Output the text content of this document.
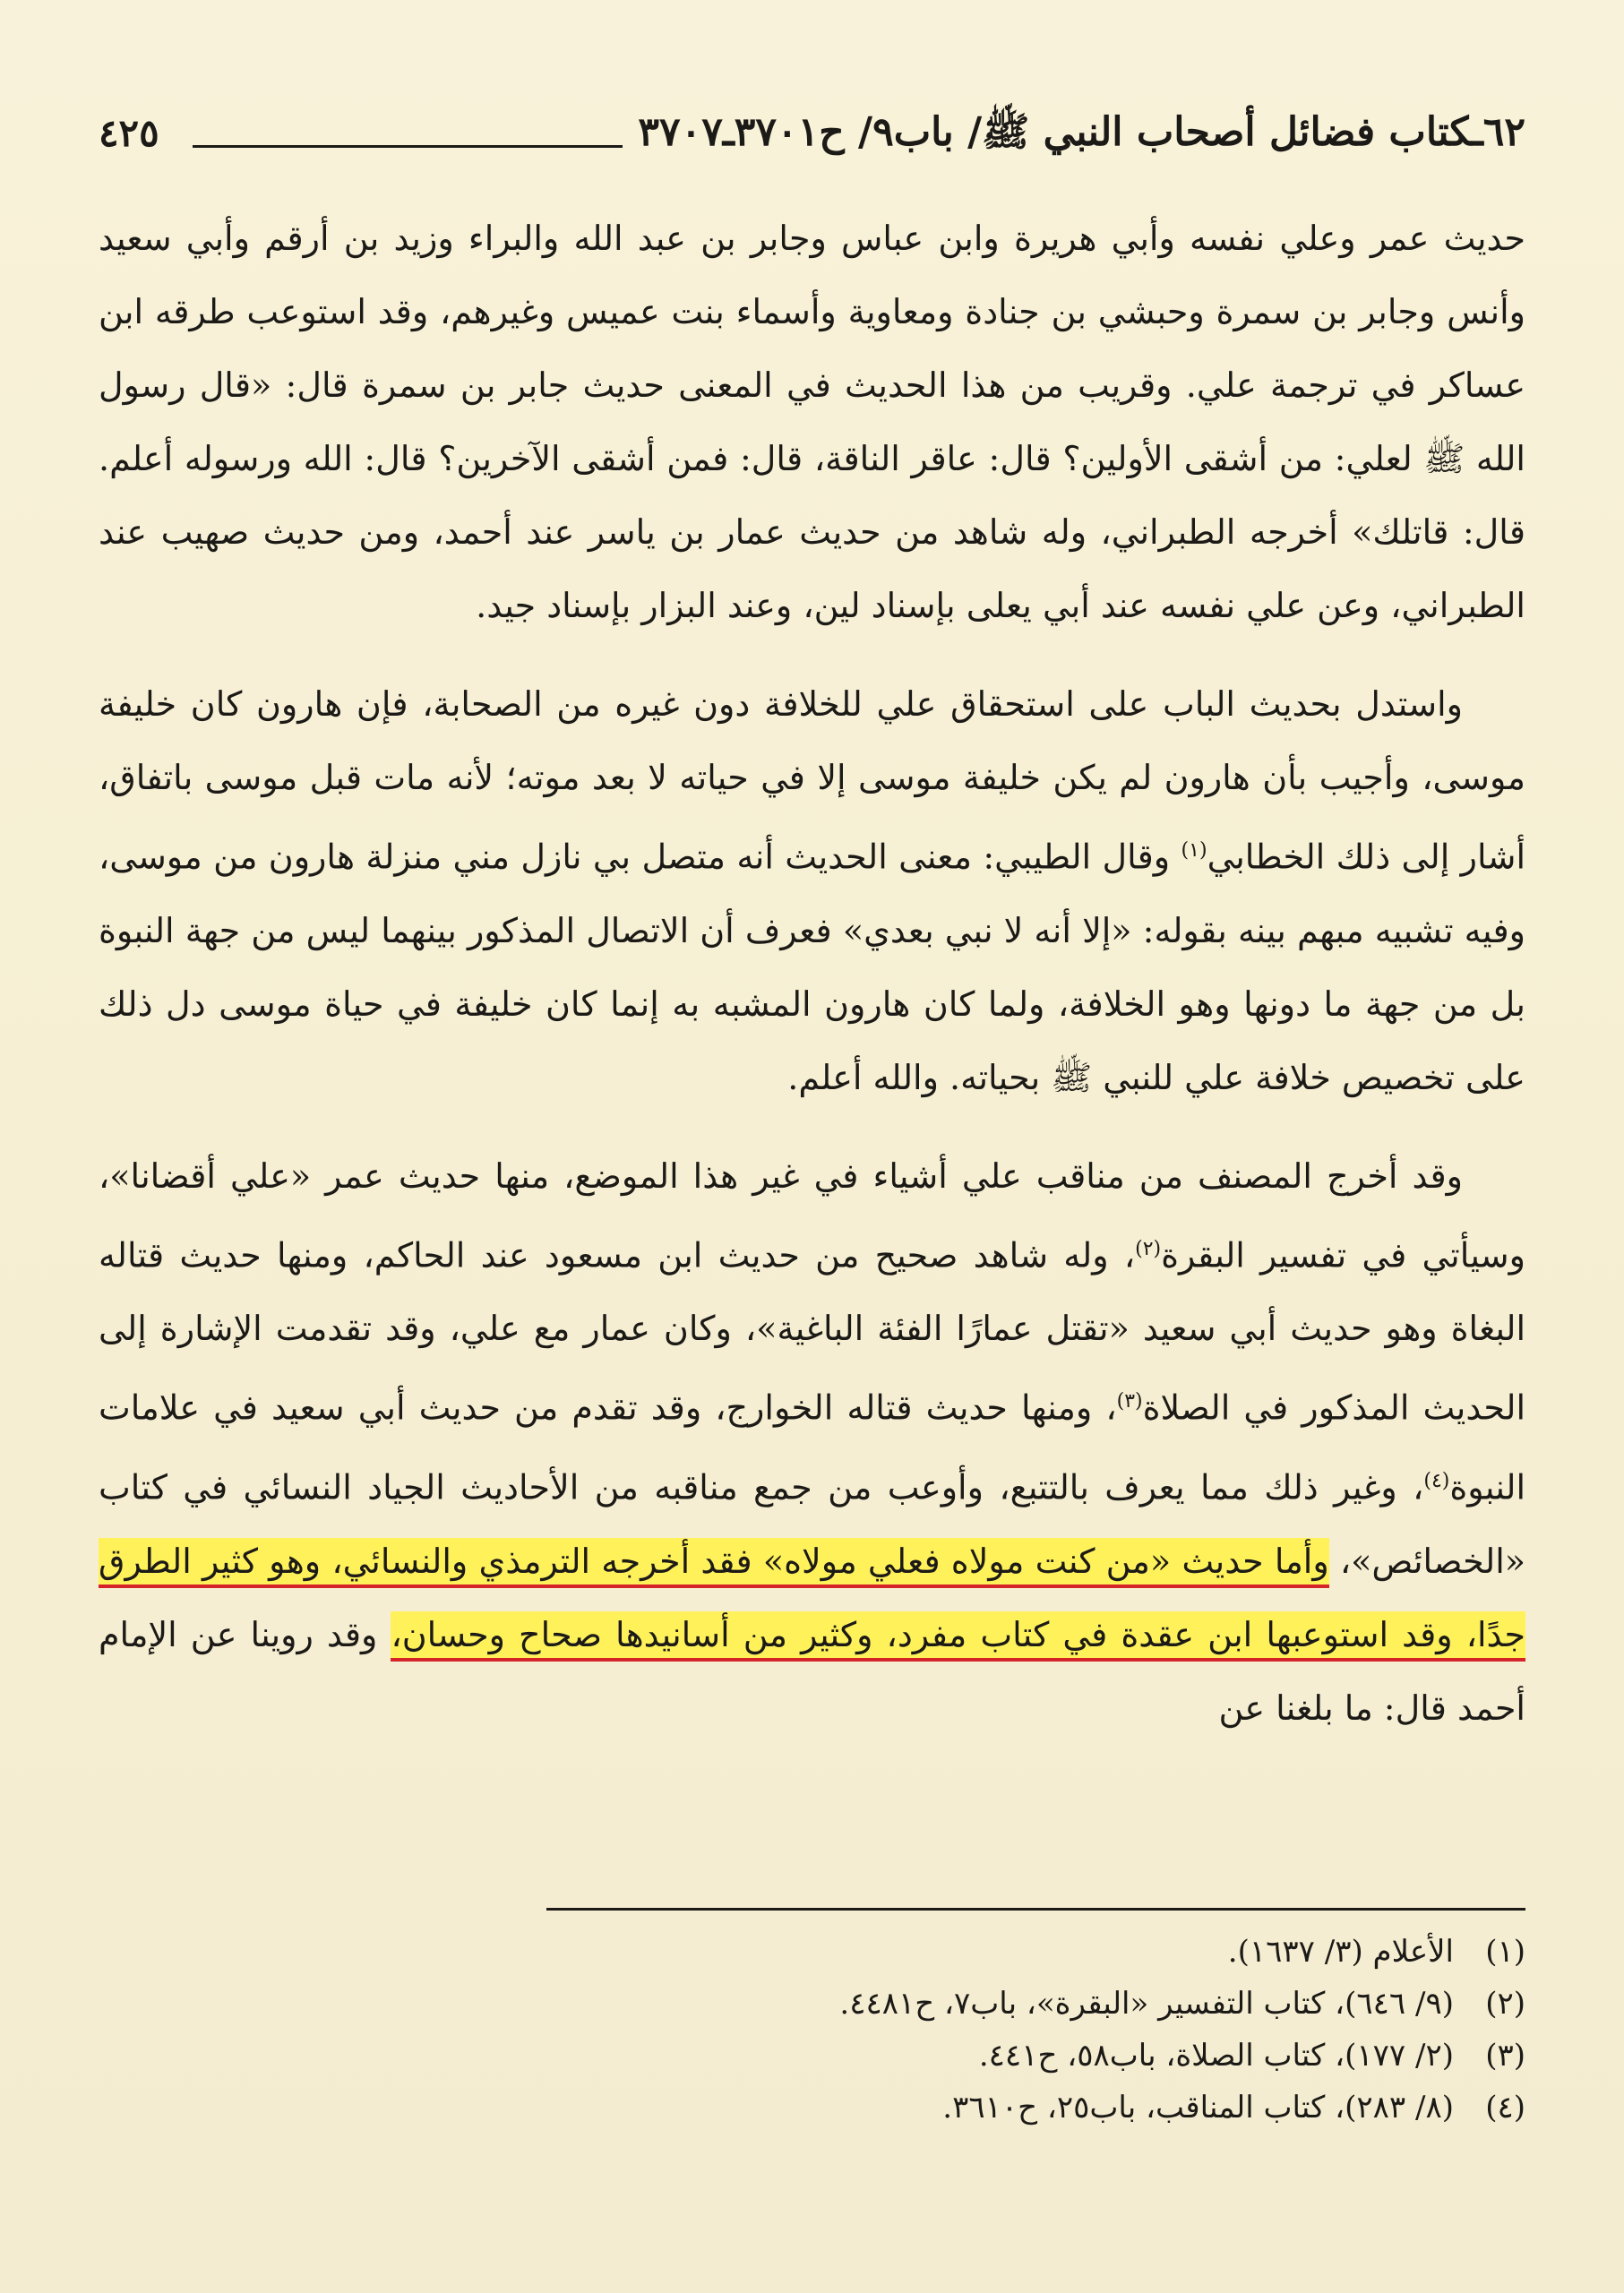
٦٢ـكتاب فضائل أصحاب النبي ﷺ/ باب٩/ ح٣٧٠١ـ٣٧٠٧
٤٢٥

حديث عمر وعلي نفسه وأبي هريرة وابن عباس وجابر بن عبد الله والبراء وزيد بن أرقم وأبي سعيد وأنس وجابر بن سمرة وحبشي بن جنادة ومعاوية وأسماء بنت عميس وغيرهم، وقد استوعب طرقه ابن عساكر في ترجمة علي. وقريب من هذا الحديث في المعنى حديث جابر بن سمرة قال: «قال رسول الله ﷺ لعلي: من أشقى الأولين؟ قال: عاقر الناقة، قال: فمن أشقى الآخرين؟ قال: الله ورسوله أعلم. قال: قاتلك» أخرجه الطبراني، وله شاهد من حديث عمار بن ياسر عند أحمد، ومن حديث صهيب عند الطبراني، وعن علي نفسه عند أبي يعلى بإسناد لين، وعند البزار بإسناد جيد.

واستدل بحديث الباب على استحقاق علي للخلافة دون غيره من الصحابة، فإن هارون كان خليفة موسى، وأجيب بأن هارون لم يكن خليفة موسى إلا في حياته لا بعد موته؛ لأنه مات قبل موسى باتفاق، أشار إلى ذلك الخطابي$^{(١)}$ وقال الطيبي: معنى الحديث أنه متصل بي نازل مني منزلة هارون من موسى، وفيه تشبيه مبهم بينه بقوله: «إلا أنه لا نبي بعدي» فعرف أن الاتصال المذكور بينهما ليس من جهة النبوة بل من جهة ما دونها وهو الخلافة، ولما كان هارون المشبه به إنما كان خليفة في حياة موسى دل ذلك على تخصيص خلافة علي للنبي ﷺ بحياته. والله أعلم.

وقد أخرج المصنف من مناقب علي أشياء في غير هذا الموضع، منها حديث عمر «علي أقضانا»، وسيأتي في تفسير البقرة$^{(٢)}$، وله شاهد صحيح من حديث ابن مسعود عند الحاكم، ومنها حديث قتاله البغاة وهو حديث أبي سعيد «تقتل عمارًا الفئة الباغية»، وكان عمار مع علي، وقد تقدمت الإشارة إلى الحديث المذكور في الصلاة$^{(٣)}$، ومنها حديث قتاله الخوارج، وقد تقدم من حديث أبي سعيد في علامات النبوة$^{(٤)}$، وغير ذلك مما يعرف بالتتبع، وأوعب من جمع مناقبه من الأحاديث الجياد النسائي في كتاب «الخصائص»، وأما حديث «من كنت مولاه فعلي مولاه» فقد أخرجه الترمذي والنسائي، وهو كثير الطرق جدًا، وقد استوعبها ابن عقدة في كتاب مفرد، وكثير من أسانيدها صحاح وحسان، وقد روينا عن الإمام أحمد قال: ما بلغنا عن

(١)
الأعلام (٣/ ١٦٣٧).
(٢)
(٩/ ٦٤٦)، كتاب التفسير «البقرة»، باب٧، ح٤٤٨١.
(٣)
(٢/ ١٧٧)، كتاب الصلاة، باب٥٨، ح٤٤١.
(٤)
(٨/ ٢٨٣)، كتاب المناقب، باب٢٥، ح٣٦١٠.
